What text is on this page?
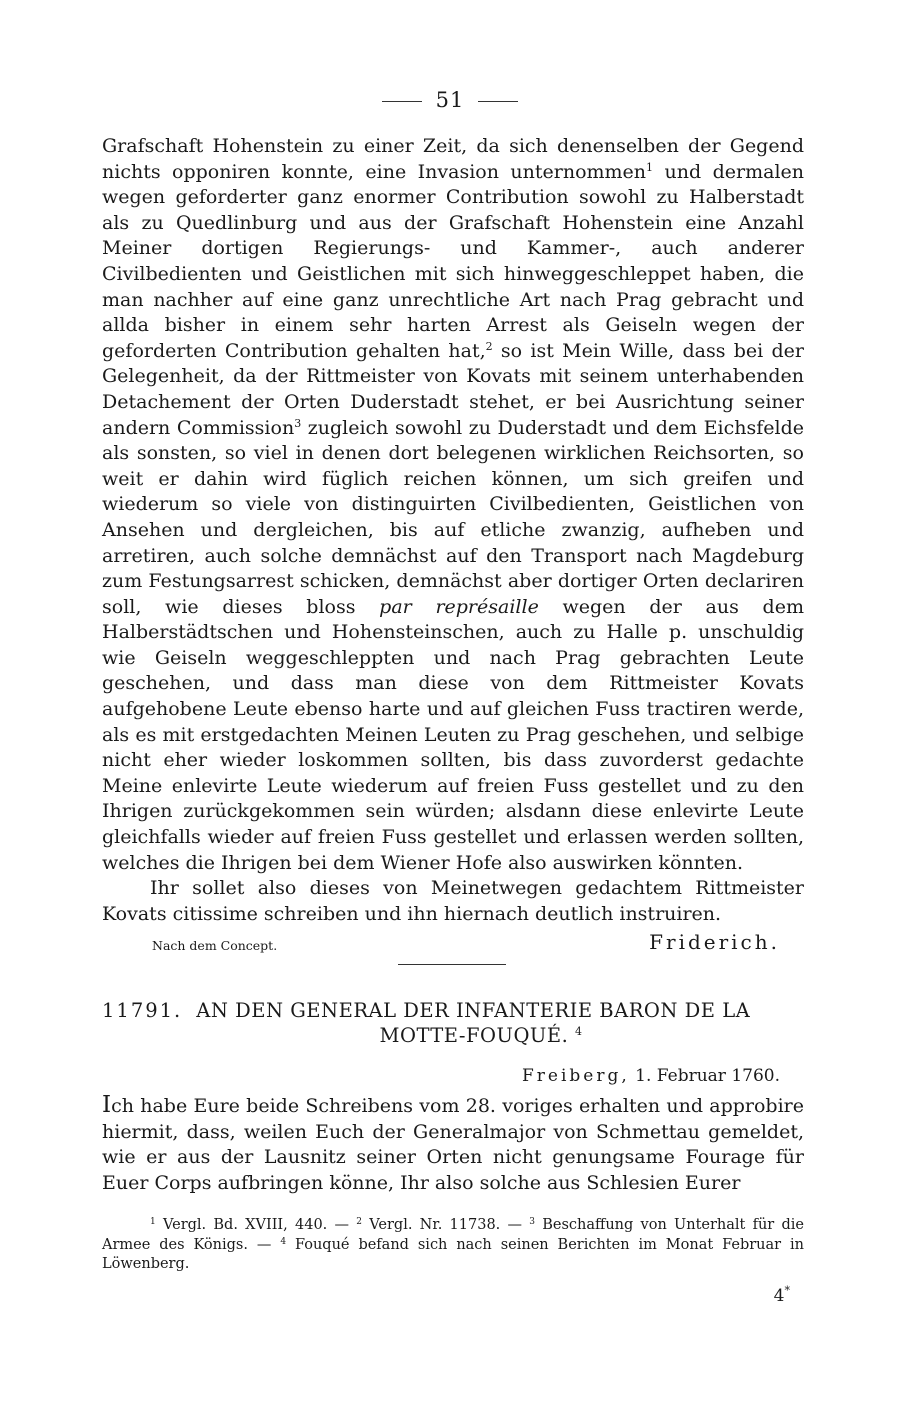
51

Grafschaft Hohenstein zu einer Zeit, da sich denenselben der Gegend nichts opponiren konnte, eine Invasion unternommen$^1$ und dermalen wegen geforderter ganz enormer Contribution sowohl zu Halberstadt als zu Quedlinburg und aus der Grafschaft Hohenstein eine Anzahl Meiner dortigen Regierungs- und Kammer-, auch anderer Civilbedienten und Geistlichen mit sich hinweggeschleppet haben, die man nachher auf eine ganz unrechtliche Art nach Prag gebracht und allda bisher in einem sehr harten Arrest als Geiseln wegen der geforderten Contribution gehalten hat,$^2$ so ist Mein Wille, dass bei der Gelegenheit, da der Rittmeister von Kovats mit seinem unterhabenden Detachement der Orten Duderstadt stehet, er bei Ausrichtung seiner andern Commission$^3$ zugleich sowohl zu Duderstadt und dem Eichsfelde als sonsten, so viel in denen dort belegenen wirklichen Reichsorten, so weit er dahin wird füglich reichen können, um sich greifen und wiederum so viele von distinguirten Civilbedienten, Geistlichen von Ansehen und dergleichen, bis auf etliche zwanzig, aufheben und arretiren, auch solche demnächst auf den Transport nach Magdeburg zum Festungsarrest schicken, demnächst aber dortiger Orten declariren soll, wie dieses bloss par représaille wegen der aus dem Halberstädtschen und Hohensteinschen, auch zu Halle p. unschuldig wie Geiseln weggeschleppten und nach Prag gebrachten Leute geschehen, und dass man diese von dem Rittmeister Kovats aufgehobene Leute ebenso harte und auf gleichen Fuss tractiren werde, als es mit erstgedachten Meinen Leuten zu Prag geschehen, und selbige nicht eher wieder loskommen sollten, bis dass zuvorderst gedachte Meine enlevirte Leute wiederum auf freien Fuss gestellet und zu den Ihrigen zurückgekommen sein würden; alsdann diese enlevirte Leute gleichfalls wieder auf freien Fuss gestellet und erlassen werden sollten, welches die Ihrigen bei dem Wiener Hofe also auswirken könnten.

Ihr sollet also dieses von Meinetwegen gedachtem Rittmeister Kovats citissime schreiben und ihn hiernach deutlich instruiren.

Nach dem Concept.	Friderich.
11791. AN DEN GENERAL DER INFANTERIE BARON DE LA
MOTTE-FOUQUÉ. $^4$
Freiberg, 1. Februar 1760.

Ich habe Eure beide Schreibens vom 28. voriges erhalten und approbire hiermit, dass, weilen Euch der Generalmajor von Schmettau gemeldet, wie er aus der Lausnitz seiner Orten nicht genungsame Fourage für Euer Corps aufbringen könne, Ihr also solche aus Schlesien Eurer

$^1$ Vergl. Bd. XVIII, 440. — $^2$ Vergl. Nr. 11738. — $^3$ Beschaffung von Unterhalt für die Armee des Königs. — $^4$ Fouqué befand sich nach seinen Berichten im Monat Februar in Löwenberg.

4*
